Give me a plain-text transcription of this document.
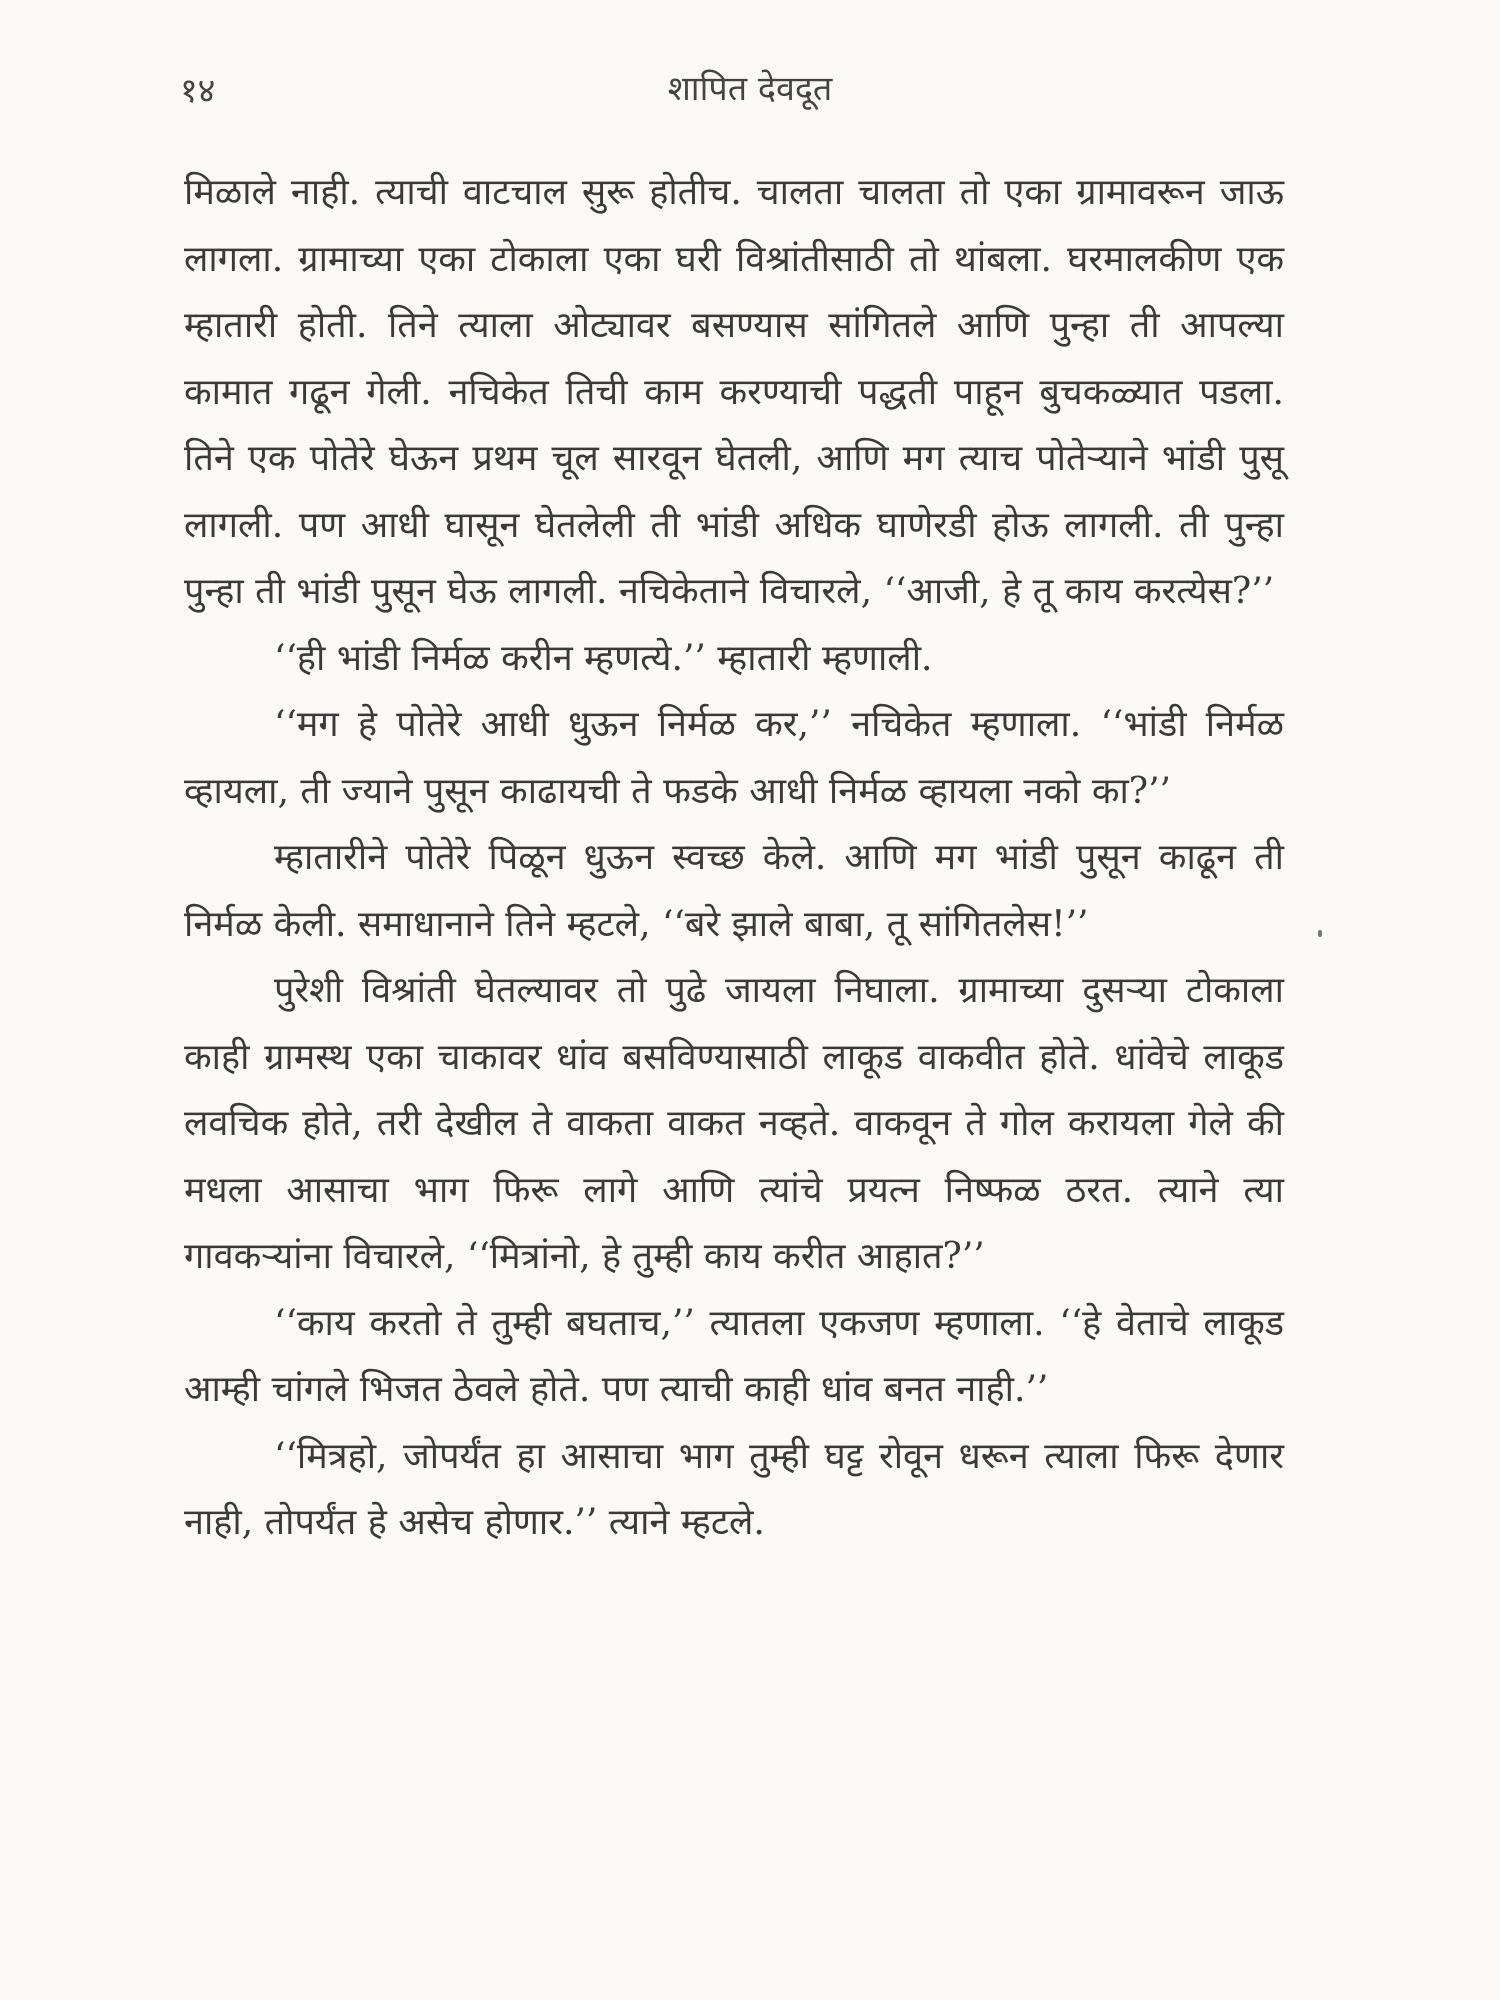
१४	शापित देवदूत

मिळाले नाही. त्याची वाटचाल सुरू होतीच. चालता चालता तो एका ग्रामावरून जाऊ लागला. ग्रामाच्या एका टोकाला एका घरी विश्रांतीसाठी तो थांबला. घरमालकीण एक म्हातारी होती. तिने त्याला ओट्यावर बसण्यास सांगितले आणि पुन्हा ती आपल्या कामात गढून गेली. नचिकेत तिची काम करण्याची पद्धती पाहून बुचकळ्यात पडला. तिने एक पोतेरे घेऊन प्रथम चूल सारवून घेतली, आणि मग त्याच पोतेऱ्याने भांडी पुसू लागली. पण आधी घासून घेतलेली ती भांडी अधिक घाणेरडी होऊ लागली. ती पुन्हा पुन्हा ती भांडी पुसून घेऊ लागली. नचिकेताने विचारले, ‘‘आजी, हे तू काय करत्येस?’’

‘‘ही भांडी निर्मळ करीन म्हणत्ये.’’ म्हातारी म्हणाली.

‘‘मग हे पोतेरे आधी धुऊन निर्मळ कर,’’ नचिकेत म्हणाला. ‘‘भांडी निर्मळ व्हायला, ती ज्याने पुसून काढायची ते फडके आधी निर्मळ व्हायला नको का?’’

म्हातारीने पोतेरे पिळून धुऊन स्वच्छ केले. आणि मग भांडी पुसून काढून ती निर्मळ केली. समाधानाने तिने म्हटले, ‘‘बरे झाले बाबा, तू सांगितलेस!’’

पुरेशी विश्रांती घेतल्यावर तो पुढे जायला निघाला. ग्रामाच्या दुसऱ्या टोकाला काही ग्रामस्थ एका चाकावर धांव बसविण्यासाठी लाकूड वाकवीत होते. धांवेचे लाकूड लवचिक होते, तरी देखील ते वाकता वाकत नव्हते. वाकवून ते गोल करायला गेले की मधला आसाचा भाग फिरू लागे आणि त्यांचे प्रयत्न निष्फळ ठरत. त्याने त्या गावकऱ्यांना विचारले, ‘‘मित्रांनो, हे तुम्ही काय करीत आहात?’’

‘‘काय करतो ते तुम्ही बघताच,’’ त्यातला एकजण म्हणाला. ‘‘हे वेताचे लाकूड आम्ही चांगले भिजत ठेवले होते. पण त्याची काही धांव बनत नाही.’’

‘‘मित्रहो, जोपर्यंत हा आसाचा भाग तुम्ही घट्ट रोवून धरून त्याला फिरू देणार नाही, तोपर्यंत हे असेच होणार.’’ त्याने म्हटले.
